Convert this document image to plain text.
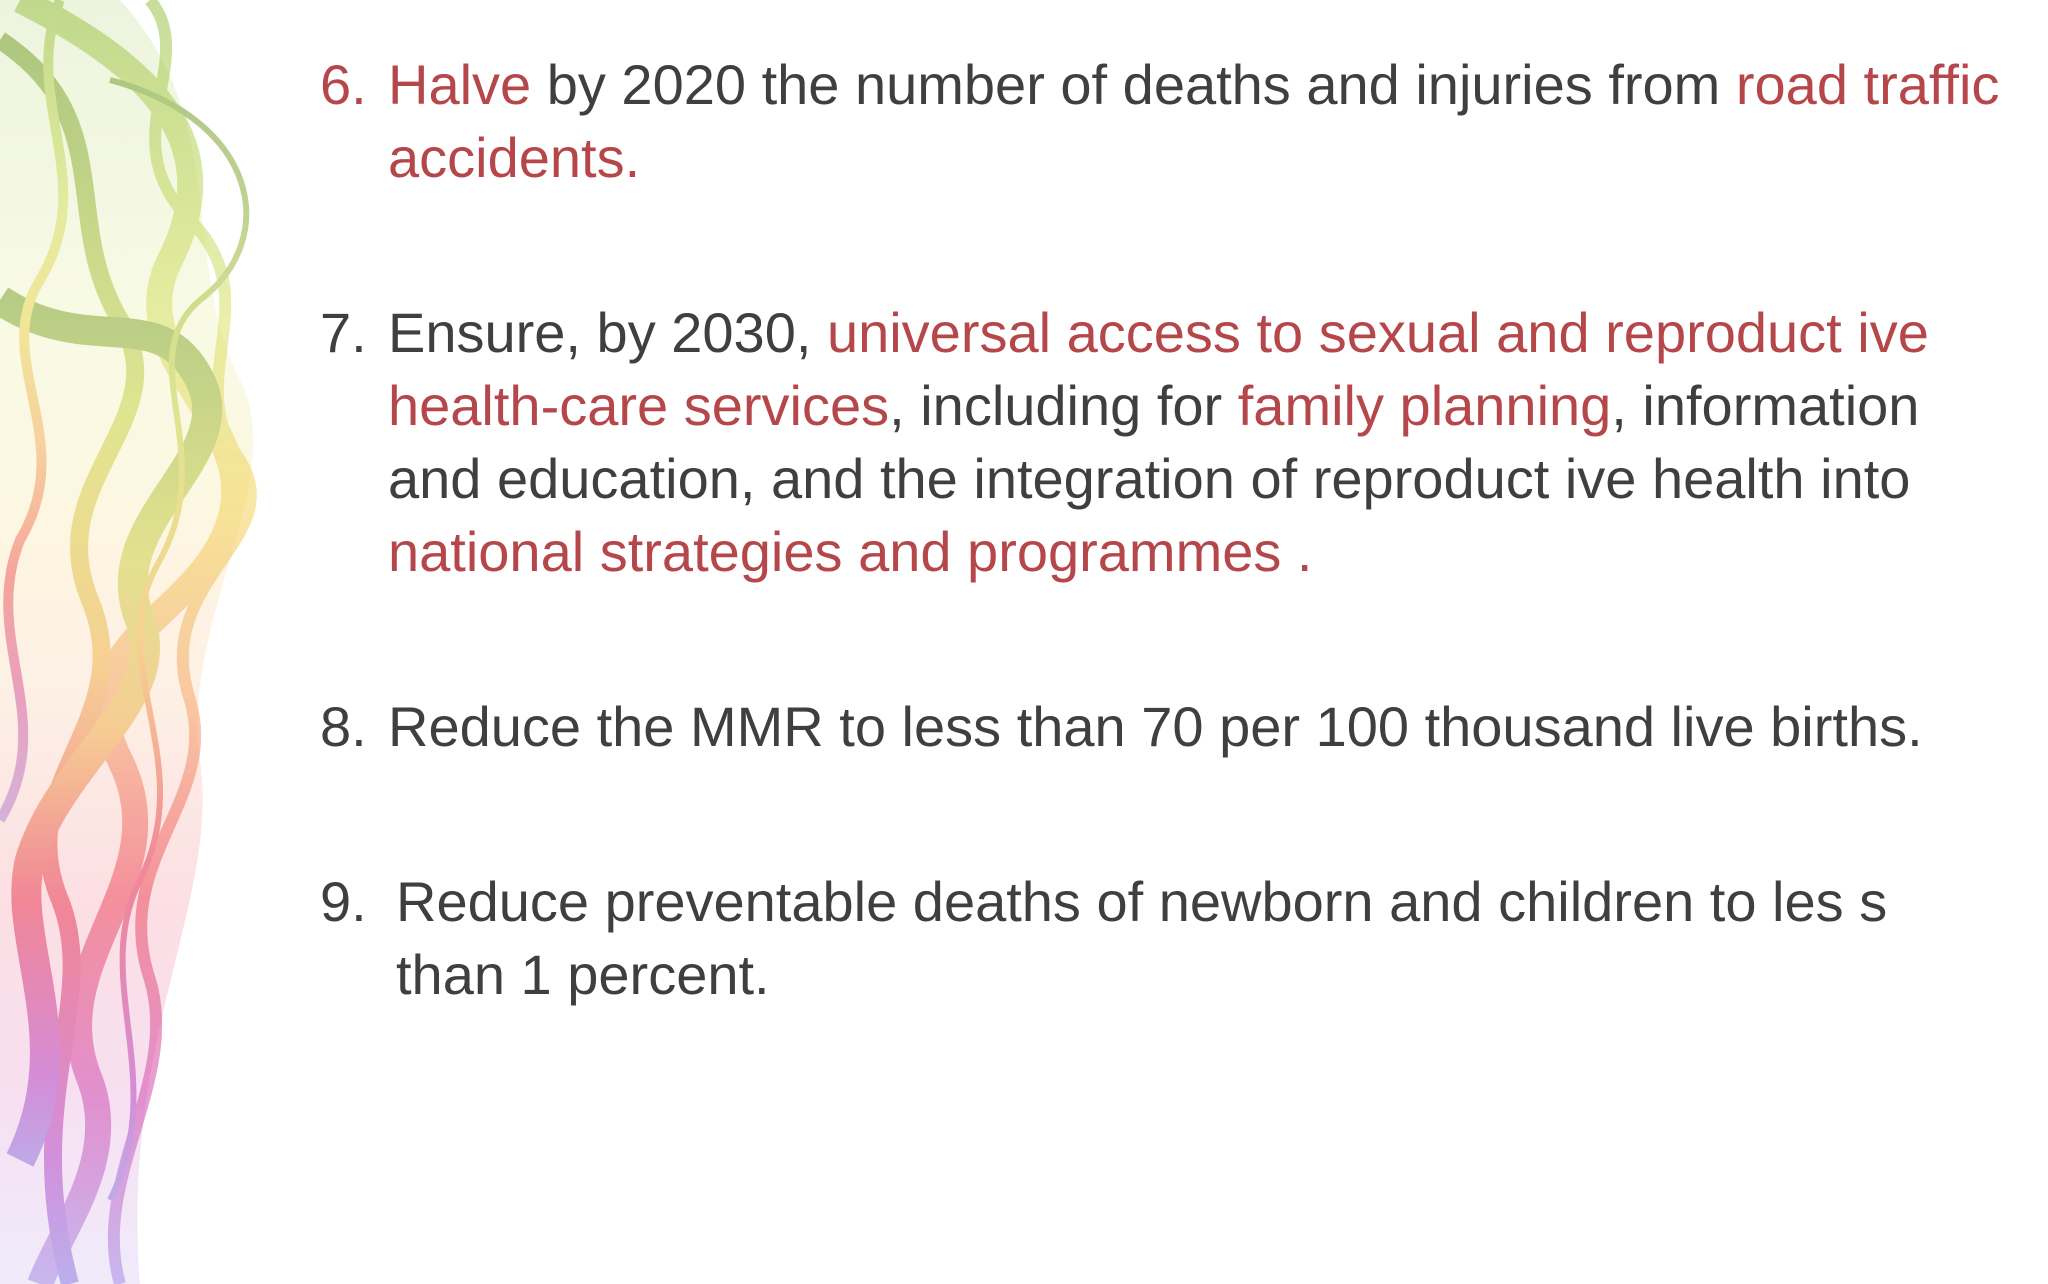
6. Halve by 2020 the number of deaths and injuries from road traffic accidents.
7. Ensure, by 2030, universal access to sexual and reproduct ive health-care services, including for family planning, information and education, and the integration of reproduct ive health into national strategies and programmes .
8. Reduce the MMR to less than 70 per 100 thousand live births.
9. Reduce preventable deaths of newborn and children to les s than 1 percent.
